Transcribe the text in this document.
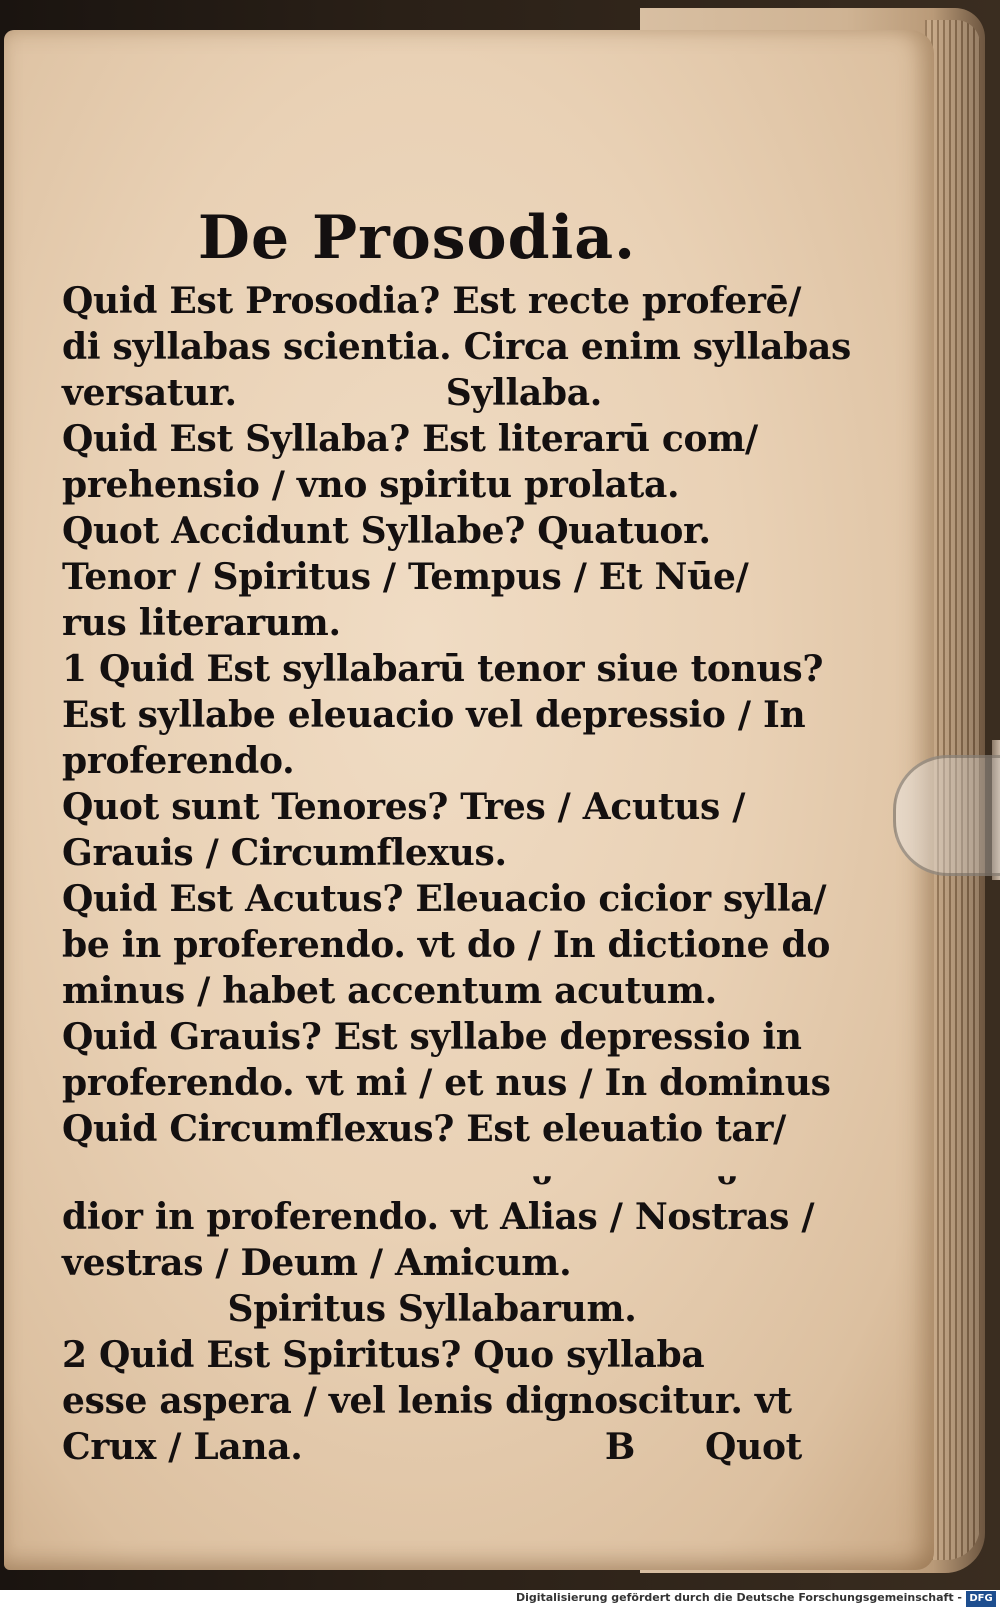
De Prosodia.
Quid Est Prosodia? Est recte proferē/
di syllabas scientia. Circa enim syllabas
versatur.	Syllaba.
Quid Est Syllaba? Est literarū com/
prehensio / vno spiritu prolata.
Quot Accidunt Syllabe? Quatuor.
Tenor / Spiritus / Tempus / Et Nūe/
rus literarum.
1 Quid Est syllabarū tenor siue tonus?
Est syllabe eleuacio vel depressio / In
proferendo.
Quot sunt Tenores? Tres / Acutus /
Grauis / Circumflexus.
Quid Est Acutus? Eleuacio cicior sylla/
be in proferendo. vt do / In dictione do
minus / habet accentum acutum.
Quid Grauis? Est syllabe depressio in
proferendo. vt mi / et nus / In dominus
Quid Circumflexus? Est eleuatio tar/
ᴗ	ᴗ
dior in proferendo. vt Alias / Nostras /
vestras / Deum / Amicum.
Spiritus Syllabarum.
2 Quid Est Spiritus? Quo syllaba
esse aspera / vel lenis dignoscitur. vt
Crux / Lana.	B Quot
Digitalisierung gefördert durch die Deutsche Forschungsgemeinschaft - DFG
